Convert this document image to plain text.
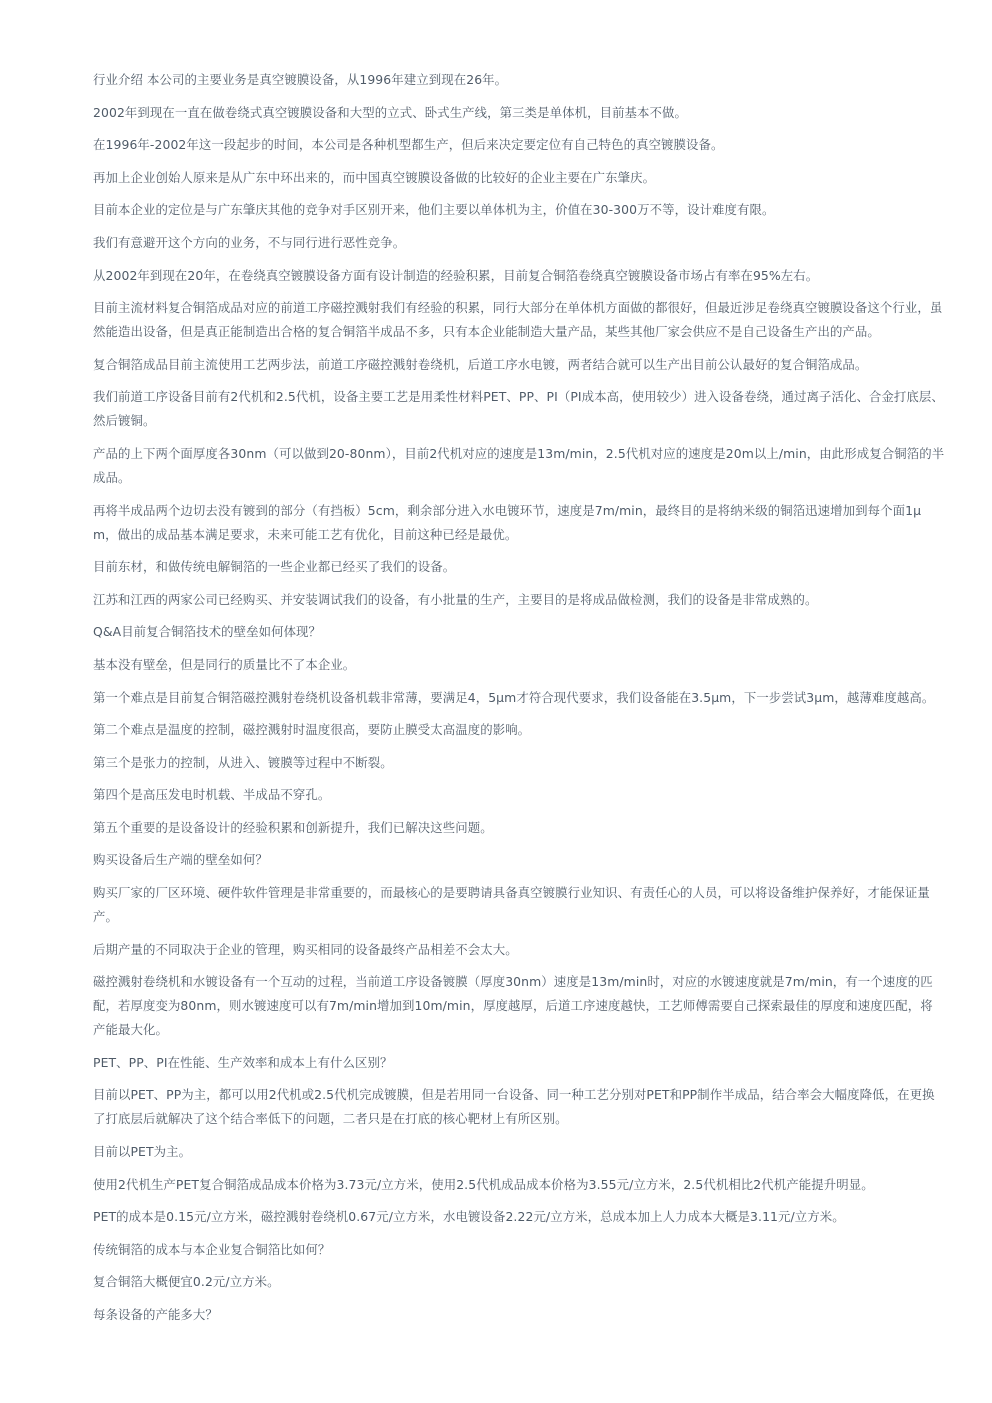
行业介绍 本公司的主要业务是真空镀膜设备，从1996年建立到现在26年。

2002年到现在一直在做卷绕式真空镀膜设备和大型的立式、卧式生产线，第三类是单体机，目前基本不做。

在1996年-2002年这一段起步的时间，本公司是各种机型都生产，但后来决定要定位有自己特色的真空镀膜设备。

再加上企业创始人原来是从广东中环出来的，而中国真空镀膜设备做的比较好的企业主要在广东肇庆。

目前本企业的定位是与广东肇庆其他的竞争对手区别开来，他们主要以单体机为主，价值在30-300万不等，设计难度有限。

我们有意避开这个方向的业务，不与同行进行恶性竞争。

从2002年到现在20年，在卷绕真空镀膜设备方面有设计制造的经验积累，目前复合铜箔卷绕真空镀膜设备市场占有率在95%左右。

目前主流材料复合铜箔成品对应的前道工序磁控溅射我们有经验的积累，同行大部分在单体机方面做的都很好，但最近涉足卷绕真空镀膜设备这个行业，虽然能造出设备，但是真正能制造出合格的复合铜箔半成品不多，只有本企业能制造大量产品，某些其他厂家会供应不是自己设备生产出的产品。

复合铜箔成品目前主流使用工艺两步法，前道工序磁控溅射卷绕机，后道工序水电镀，两者结合就可以生产出目前公认最好的复合铜箔成品。

我们前道工序设备目前有2代机和2.5代机，设备主要工艺是用柔性材料PET、PP、PI（PI成本高，使用较少）进入设备卷绕，通过离子活化、合金打底层、然后镀铜。

产品的上下两个面厚度各30nm（可以做到20-80nm），目前2代机对应的速度是13m/min，2.5代机对应的速度是20m以上/min，由此形成复合铜箔的半成品。

再将半成品两个边切去没有镀到的部分（有挡板）5cm，剩余部分进入水电镀环节，速度是7m/min，最终目的是将纳米级的铜箔迅速增加到每个面1μm，做出的成品基本满足要求，未来可能工艺有优化，目前这种已经是最优。

目前东材，和做传统电解铜箔的一些企业都已经买了我们的设备。

江苏和江西的两家公司已经购买、并安装调试我们的设备，有小批量的生产，主要目的是将成品做检测，我们的设备是非常成熟的。

Q&A目前复合铜箔技术的壁垒如何体现？

基本没有壁垒，但是同行的质量比不了本企业。

第一个难点是目前复合铜箔磁控溅射卷绕机设备机载非常薄，要满足4，5μm才符合现代要求，我们设备能在3.5μm，下一步尝试3μm，越薄难度越高。

第二个难点是温度的控制，磁控溅射时温度很高，要防止膜受太高温度的影响。

第三个是张力的控制，从进入、镀膜等过程中不断裂。

第四个是高压发电时机载、半成品不穿孔。

第五个重要的是设备设计的经验积累和创新提升，我们已解决这些问题。

购买设备后生产端的壁垒如何？

购买厂家的厂区环境、硬件软件管理是非常重要的，而最核心的是要聘请具备真空镀膜行业知识、有责任心的人员，可以将设备维护保养好，才能保证量产。

后期产量的不同取决于企业的管理，购买相同的设备最终产品相差不会太大。

磁控溅射卷绕机和水镀设备有一个互动的过程，当前道工序设备镀膜（厚度30nm）速度是13m/min时，对应的水镀速度就是7m/min，有一个速度的匹配，若厚度变为80nm，则水镀速度可以有7m/min增加到10m/min，厚度越厚，后道工序速度越快，工艺师傅需要自己探索最佳的厚度和速度匹配，将产能最大化。

PET、PP、PI在性能、生产效率和成本上有什么区别？

目前以PET、PP为主，都可以用2代机或2.5代机完成镀膜，但是若用同一台设备、同一种工艺分别对PET和PP制作半成品，结合率会大幅度降低，在更换了打底层后就解决了这个结合率低下的问题，二者只是在打底的核心靶材上有所区别。

目前以PET为主。

使用2代机生产PET复合铜箔成品成本价格为3.73元/立方米，使用2.5代机成品成本价格为3.55元/立方米，2.5代机相比2代机产能提升明显。

PET的成本是0.15元/立方米，磁控溅射卷绕机0.67元/立方米，水电镀设备2.22元/立方米，总成本加上人力成本大概是3.11元/立方米。

传统铜箔的成本与本企业复合铜箔比如何？

复合铜箔大概便宜0.2元/立方米。

每条设备的产能多大？
